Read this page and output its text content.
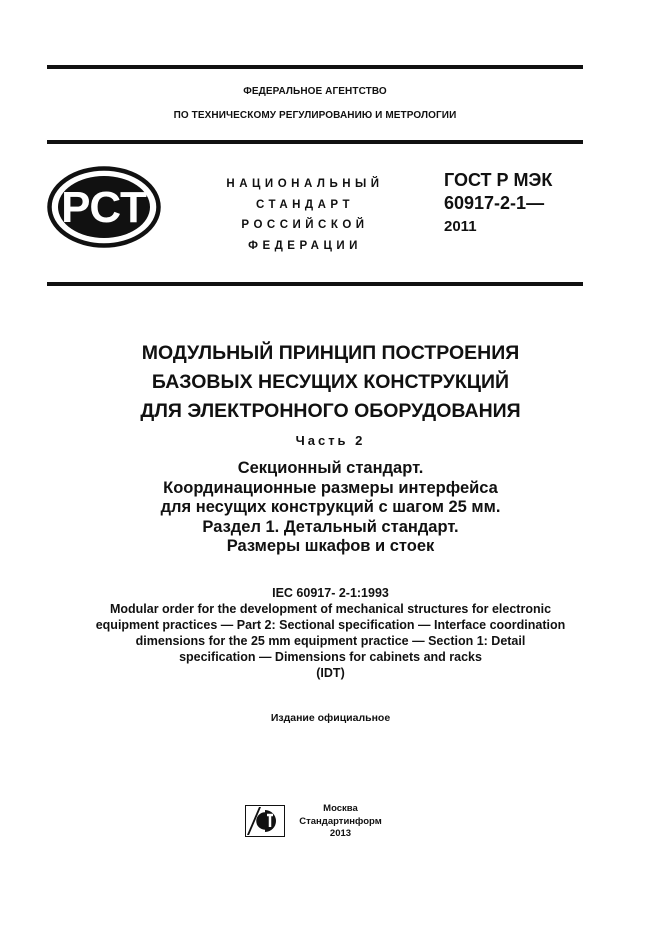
ФЕДЕРАЛЬНОЕ АГЕНТСТВО
ПО ТЕХНИЧЕСКОМУ РЕГУЛИРОВАНИЮ И МЕТРОЛОГИИ
РСТ	НАЦИОНАЛЬНЫЙ
СТАНДАРТ
РОССИЙСКОЙ
ФЕДЕРАЦИИ
ГОСТ Р МЭК
60917-2-1—
2011
МОДУЛЬНЫЙ ПРИНЦИП ПОСТРОЕНИЯ
БАЗОВЫХ НЕСУЩИХ КОНСТРУКЦИЙ
ДЛЯ ЭЛЕКТРОННОГО ОБОРУДОВАНИЯ
Часть 2
Секционный стандарт.
Координационные размеры интерфейса
для несущих конструкций с шагом 25 мм.
Раздел 1. Детальный стандарт.
Размеры шкафов и стоек
IEC 60917- 2-1:1993
Modular order for the development of mechanical structures for electronic
equipment practices — Part 2: Sectional specification — Interface coordination
dimensions for the 25 mm equipment practice — Section 1: Detail
specification — Dimensions for cabinets and racks
(IDT)
Издание официальное
Москва
Стандартинформ
2013
